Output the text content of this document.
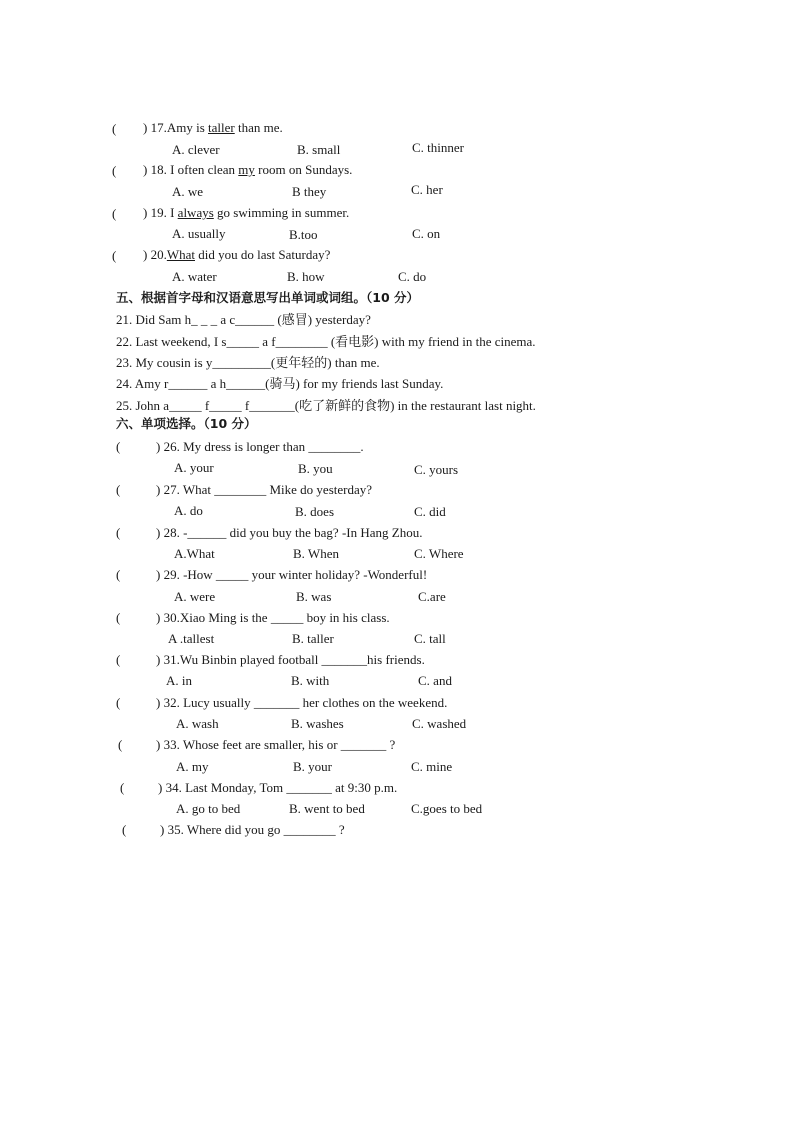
( ) 17.Amy is taller than me.
A. clever	B. small	C. thinner
( ) 18. I often clean my room on Sundays.
A. we	B they	C. her
( ) 19. I always go swimming in summer.
A. usually	B.too	C. on
( ) 20.What did you do last Saturday?
A. water	B. how	C. do
五、根据首字母和汉语意思写出单词或词组。（10 分）
21. Did Sam h_ _ _ a c______ (感冒) yesterday?
22. Last weekend, I s_____ a f________ (看电影) with my friend in the cinema.
23. My cousin is y_________(更年轻的) than me.
24. Amy r______ a h______(骑马) for my friends last Sunday.
25. John a_____ f_____ f_______(吃了新鲜的食物) in the restaurant last night.
六、单项选择。（10 分）
(	) 26. My dress is longer than ________.
A. your	B. you	C. yours
(	) 27. What ________ Mike do yesterday?
A. do	B. does	C. did
(	) 28. -______ did you buy the bag? -In Hang Zhou.
A.What	B. When	C. Where
(	) 29. -How _____ your winter holiday? -Wonderful!
A. were	B. was	C.are
(	) 30.Xiao Ming is the _____ boy in his class.
A .tallest	B. taller	C. tall
(	) 31.Wu Binbin played football _______his friends.
A. in	B. with	C. and
(	) 32. Lucy usually _______ her clothes on the weekend.
A. wash	B. washes	C. washed
(	) 33. Whose feet are smaller, his or _______ ?
A. my	B. your	C. mine
(	) 34. Last Monday, Tom _______ at 9:30 p.m.
A. go to bed	B. went to bed	C.goes to bed
(	) 35. Where did you go ________ ?
